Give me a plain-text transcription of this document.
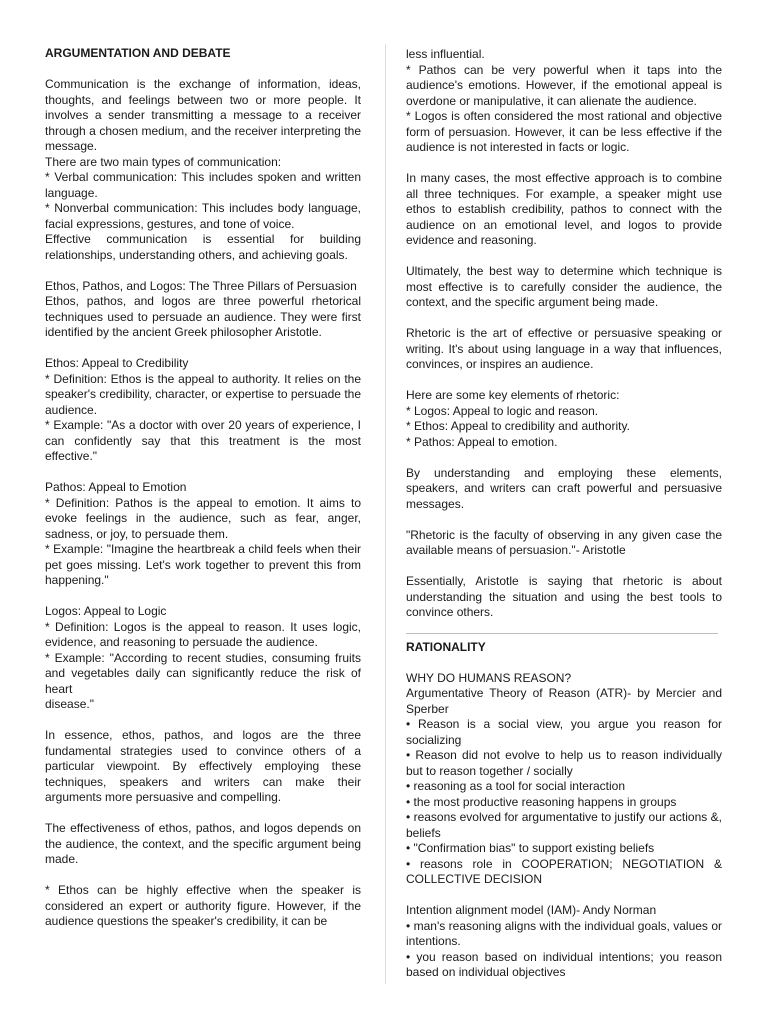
ARGUMENTATION AND DEBATE

Communication is the exchange of information, ideas, thoughts, and feelings between two or more people. It involves a sender transmitting a message to a receiver through a chosen medium, and the receiver interpreting the message.
There are two main types of communication:
* Verbal communication: This includes spoken and written language.
* Nonverbal communication: This includes body language, facial expressions, gestures, and tone of voice.
Effective communication is essential for building relationships, understanding others, and achieving goals.

Ethos, Pathos, and Logos: The Three Pillars of Persuasion
Ethos, pathos, and logos are three powerful rhetorical techniques used to persuade an audience. They were first identified by the ancient Greek philosopher Aristotle.

Ethos: Appeal to Credibility
* Definition: Ethos is the appeal to authority. It relies on the speaker's credibility, character, or expertise to persuade the audience.
* Example: "As a doctor with over 20 years of experience, I can confidently say that this treatment is the most effective."

Pathos: Appeal to Emotion
* Definition: Pathos is the appeal to emotion. It aims to evoke feelings in the audience, such as fear, anger, sadness, or joy, to persuade them.
* Example: "Imagine the heartbreak a child feels when their pet goes missing. Let's work together to prevent this from happening."

Logos: Appeal to Logic
* Definition: Logos is the appeal to reason. It uses logic, evidence, and reasoning to persuade the audience.
* Example: "According to recent studies, consuming fruits and vegetables daily can significantly reduce the risk of heart
disease."

In essence, ethos, pathos, and logos are the three fundamental strategies used to convince others of a particular viewpoint. By effectively employing these techniques, speakers and writers can make their arguments more persuasive and compelling.

The effectiveness of ethos, pathos, and logos depends on the audience, the context, and the specific argument being made.

* Ethos can be highly effective when the speaker is considered an expert or authority figure. However, if the audience questions the speaker's credibility, it can be

less influential.
* Pathos can be very powerful when it taps into the audience's emotions. However, if the emotional appeal is overdone or manipulative, it can alienate the audience.
* Logos is often considered the most rational and objective form of persuasion. However, it can be less effective if the audience is not interested in facts or logic.

In many cases, the most effective approach is to combine all three techniques. For example, a speaker might use ethos to establish credibility, pathos to connect with the audience on an emotional level, and logos to provide evidence and reasoning.

Ultimately, the best way to determine which technique is most effective is to carefully consider the audience, the context, and the specific argument being made.

Rhetoric is the art of effective or persuasive speaking or writing. It's about using language in a way that influences, convinces, or inspires an audience.

Here are some key elements of rhetoric:
* Logos: Appeal to logic and reason.
* Ethos: Appeal to credibility and authority.
* Pathos: Appeal to emotion.

By understanding and employing these elements, speakers, and writers can craft powerful and persuasive messages.

"Rhetoric is the faculty of observing in any given case the available means of persuasion."- Aristotle

Essentially, Aristotle is saying that rhetoric is about understanding the situation and using the best tools to convince others.

RATIONALITY

WHY DO HUMANS REASON?
Argumentative Theory of Reason (ATR)- by Mercier and Sperber
• Reason is a social view, you argue you reason for socializing
• Reason did not evolve to help us to reason individually but to reason together / socially
• reasoning as a tool for social interaction
• the most productive reasoning happens in groups
• reasons evolved for argumentative to justify our actions &, beliefs
• "Confirmation bias" to support existing beliefs
• reasons role in COOPERATION; NEGOTIATION & COLLECTIVE DECISION

Intention alignment model (IAM)- Andy Norman
• man's reasoning aligns with the individual goals, values or intentions.
• you reason based on individual intentions; you reason based on individual objectives
